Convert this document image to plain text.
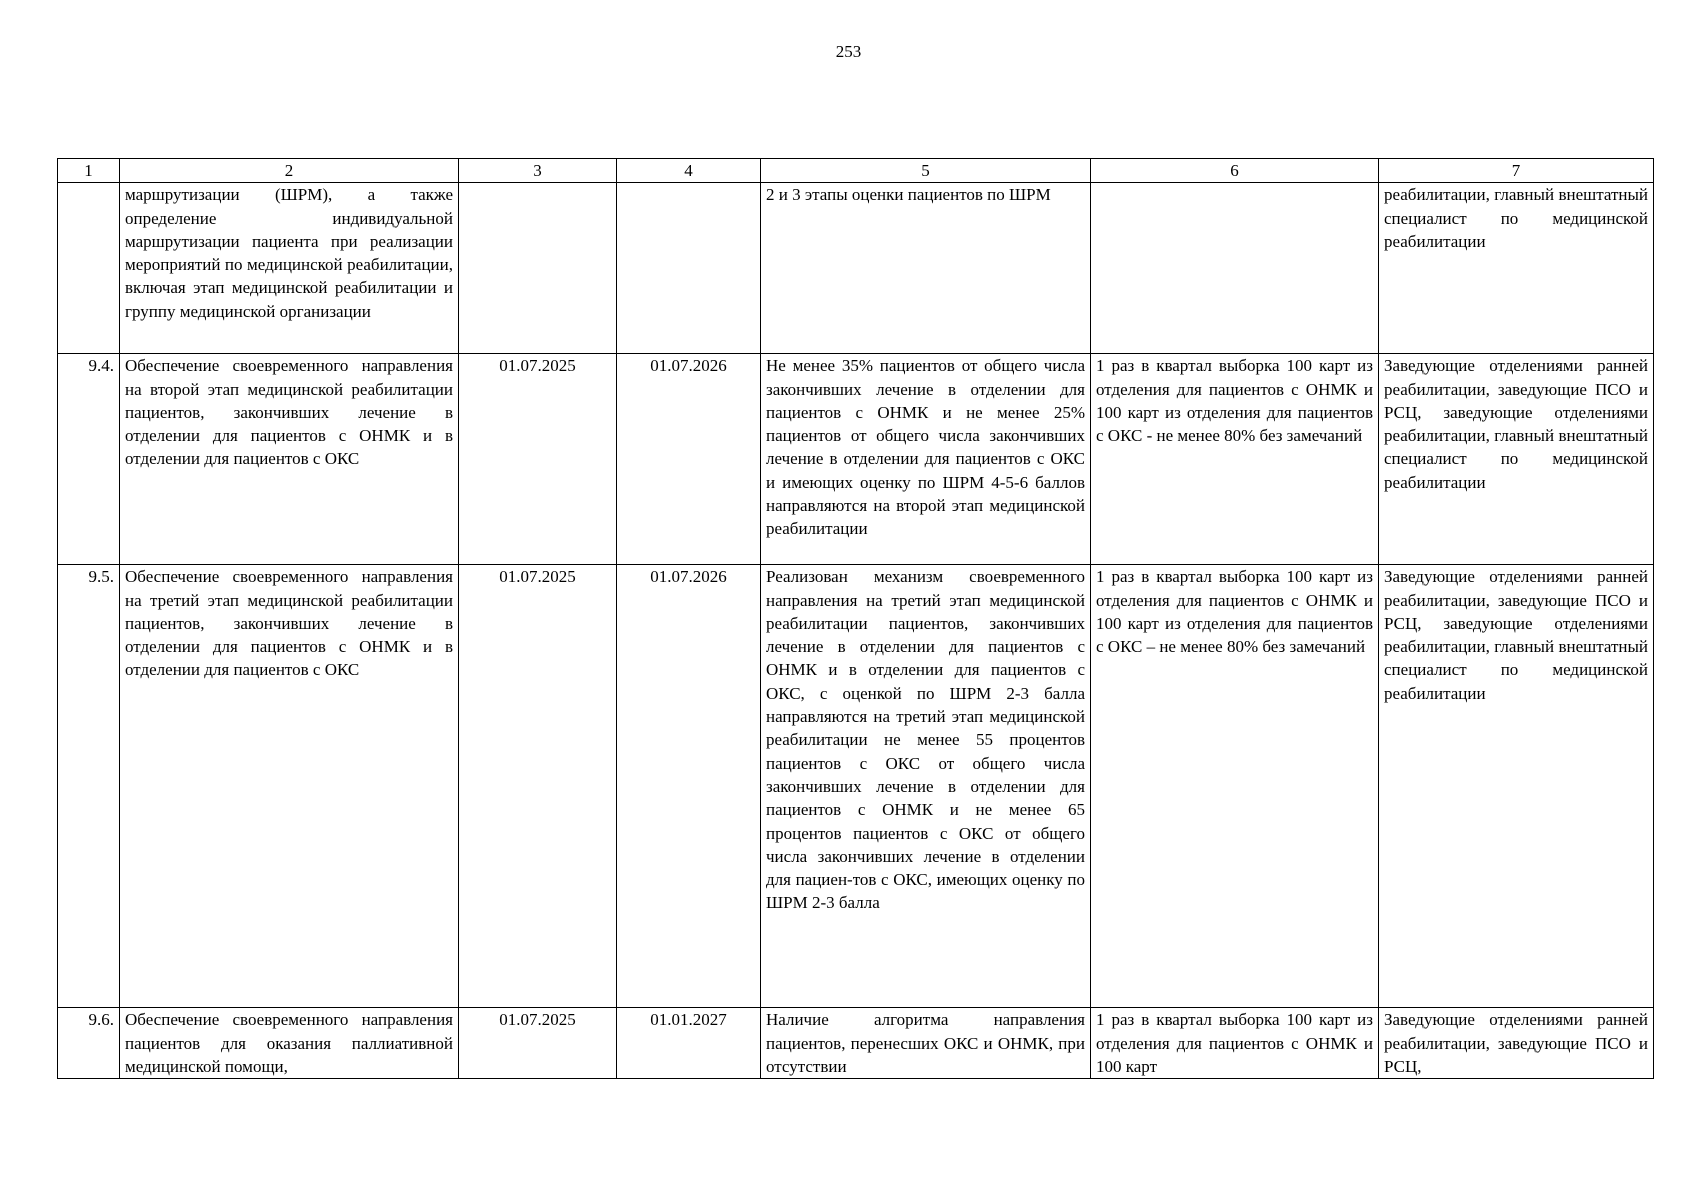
253
1	2	3	4	5	6	7

	маршрутизации (ШРМ), а также определение индивидуальной маршрутизации пациента при реализации мероприятий по медицинской реабилитации, включая этап медицинской реабилитации и группу медицинской организации			2 и 3 этапы оценки пациентов по ШРМ		реабилитации, главный внештатный специалист по медицинской реабилитации

9.4.	Обеспечение своевременного направления на второй этап медицинской реабилитации пациентов, закончивших лечение в отделении для пациентов с ОНМК и в отделении для пациентов с ОКС	01.07.2025	01.07.2026	Не менее 35% пациентов от общего числа закончивших лечение в отделении для пациентов с ОНМК и не менее 25% пациентов от общего числа закончивших лечение в отделении для пациентов с ОКС и имеющих оценку по ШРМ 4-5-6 баллов направляются на второй этап медицинской реабилитации	1 раз в квартал выборка 100 карт из отделения для пациентов с ОНМК и 100 карт из отделения для пациентов с ОКС - не менее 80% без замечаний	Заведующие отделениями ранней реабилитации, заведующие ПСО и РСЦ, заведующие отделениями реабилитации, главный внештатный специалист по медицинской реабилитации

9.5.	Обеспечение своевременного направления на третий этап медицинской реабилитации пациентов, закончивших лечение в отделении для пациентов с ОНМК и в отделении для пациентов с ОКС	01.07.2025	01.07.2026	Реализован механизм своевременного направления на третий этап медицинской реабилитации пациентов, закончивших лечение в отделении для пациентов с ОНМК и в отделении для пациентов с ОКС, с оценкой по ШРМ 2-3 балла направляются на третий этап медицинской реабилитации не менее 55 процентов пациентов с ОКС от общего числа закончивших лечение в отделении для пациентов с ОНМК и не менее 65 процентов пациентов с ОКС от общего числа закончивших лечение в отделении для пациен-тов с ОКС, имеющих оценку по ШРМ 2-3 балла	1 раз в квартал выборка 100 карт из отделения для пациентов с ОНМК и 100 карт из отделения для пациентов с ОКС – не менее 80% без замечаний	Заведующие отделениями ранней реабилитации, заведующие ПСО и РСЦ, заведующие отделениями реабилитации, главный внештатный специалист по медицинской реабилитации

9.6.	Обеспечение своевременного направления пациентов для оказания паллиативной медицинской помощи,	01.07.2025	01.01.2027	Наличие алгоритма направления пациентов, перенесших ОКС и ОНМК, при отсутствии	1 раз в квартал выборка 100 карт из отделения для пациентов с ОНМК и 100 карт	Заведующие отделениями ранней реабилитации, заведующие ПСО и РСЦ,
